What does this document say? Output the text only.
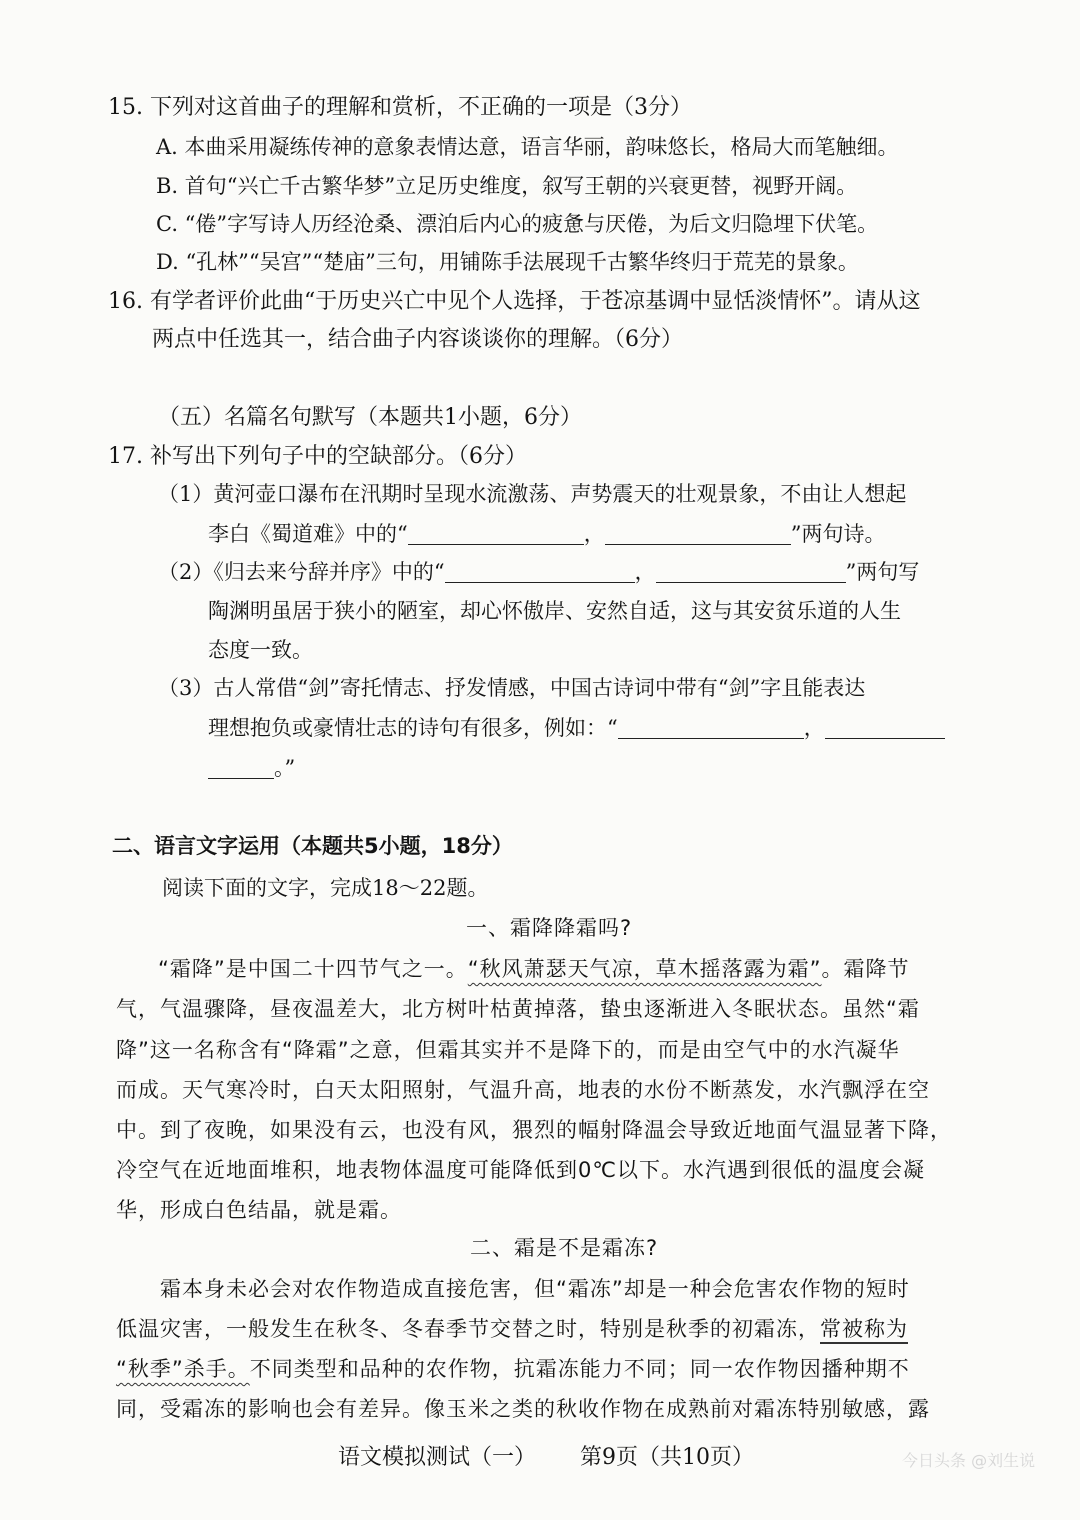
15. 下列对这首曲子的理解和赏析，不正确的一项是（3分）
A. 本曲采用凝练传神的意象表情达意，语言华丽，韵味悠长，格局大而笔触细。
B. 首句“兴亡千古繁华梦”立足历史维度，叙写王朝的兴衰更替，视野开阔。
C. “倦”字写诗人历经沧桑、漂泊后内心的疲惫与厌倦，为后文归隐埋下伏笔。
D. “孔林”“吴宫”“楚庙”三句，用铺陈手法展现千古繁华终归于荒芜的景象。
16. 有学者评价此曲“于历史兴亡中见个人选择，于苍凉基调中显恬淡情怀”。请从这
两点中任选其一，结合曲子内容谈谈你的理解。（6分）
（五）名篇名句默写（本题共1小题，6分）
17. 补写出下列句子中的空缺部分。（6分）
（1）黄河壶口瀑布在汛期时呈现水流激荡、声势震天的壮观景象，不由让人想起
李白《蜀道难》中的“	，	”两句诗。
（2）《归去来兮辞并序》中的“	，	”两句写
陶渊明虽居于狭小的陋室，却心怀傲岸、安然自适，这与其安贫乐道的人生
态度一致。
（3）古人常借“剑”寄托情志、抒发情感，中国古诗词中带有“剑”字且能表达
理想抱负或豪情壮志的诗句有很多，例如：“	，
。”
二、语言文字运用（本题共5小题，18分）
阅读下面的文字，完成18～22题。
一、霜降降霜吗?
“霜降”是中国二十四节气之一。“秋风萧瑟天气凉，草木摇落露为霜”。霜降节
气，气温骤降，昼夜温差大，北方树叶枯黄掉落，蛰虫逐渐进入冬眠状态。虽然“霜
降”这一名称含有“降霜”之意，但霜其实并不是降下的，而是由空气中的水汽凝华
而成。天气寒冷时，白天太阳照射，气温升高，地表的水份不断蒸发，水汽飘浮在空
中。到了夜晚，如果没有云，也没有风，猥烈的幅射降温会导致近地面气温显著下降，
冷空气在近地面堆积，地表物体温度可能降低到0℃以下。水汽遇到很低的温度会凝
华，形成白色结晶，就是霜。
二、霜是不是霜冻?
霜本身未必会对农作物造成直接危害，但“霜冻”却是一种会危害农作物的短时
低温灾害，一般发生在秋冬、冬春季节交替之时，特别是秋季的初霜冻，常被称为
“秋季”杀手。不同类型和品种的农作物，抗霜冻能力不同；同一农作物因播种期不
同，受霜冻的影响也会有差异。像玉米之类的秋收作物在成熟前对霜冻特别敏感，露
语文模拟测试（一） 第9页（共10页）	今日头条 @刘生说
